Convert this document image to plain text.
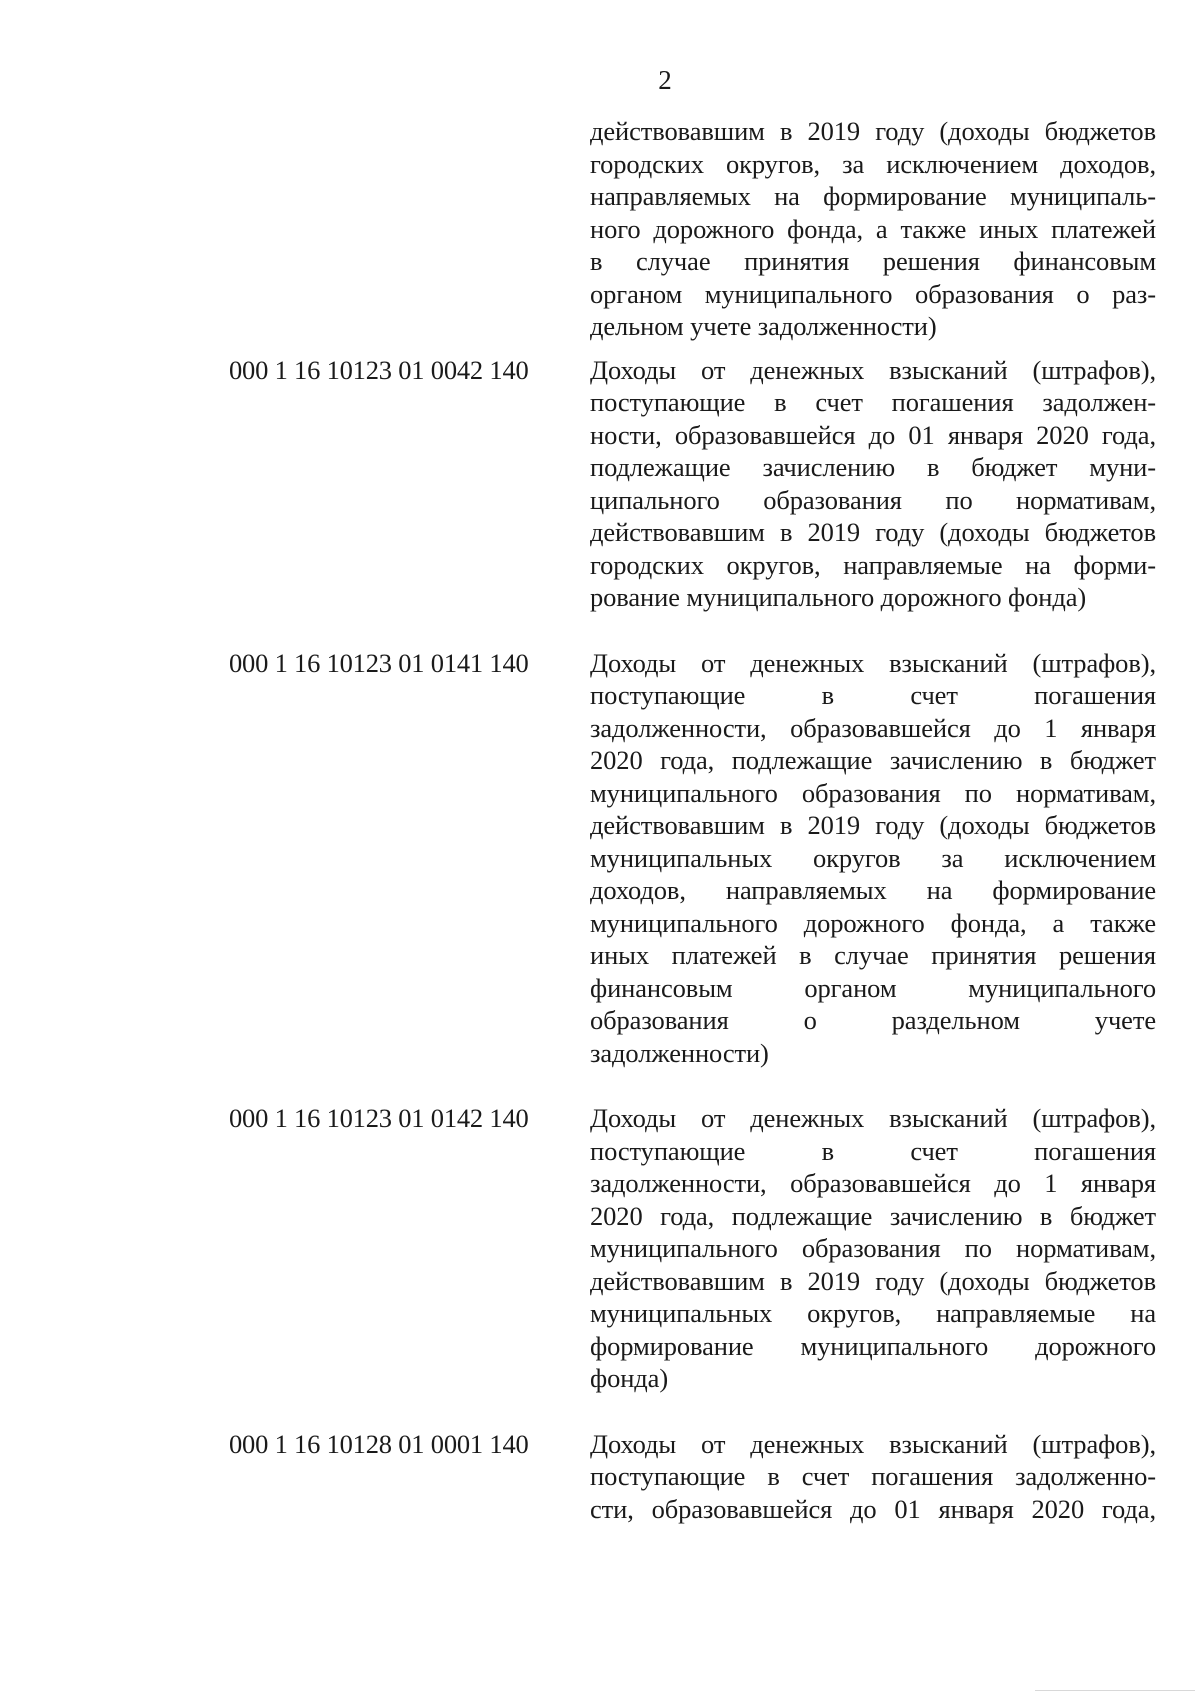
2
действовавшим в 2019 году (доходы бюджетов
городских округов, за исключением доходов,
направляемых на формирование муниципаль-
ного дорожного фонда, а также иных платежей
в случае принятия решения финансовым
органом муниципального образования о раз-
дельном учете задолженности)
000 1 16 10123 01 0042 140	Доходы от денежных взысканий (штрафов),
поступающие в счет погашения задолжен-
ности, образовавшейся до 01 января 2020 года,
подлежащие зачислению в бюджет муни-
ципального образования по нормативам,
действовавшим в 2019 году (доходы бюджетов
городских округов, направляемые на форми-
рование муниципального дорожного фонда)
000 1 16 10123 01 0141 140	Доходы от денежных взысканий (штрафов),
поступающие в счет погашения
задолженности, образовавшейся до 1 января
2020 года, подлежащие зачислению в бюджет
муниципального образования по нормативам,
действовавшим в 2019 году (доходы бюджетов
муниципальных округов за исключением
доходов, направляемых на формирование
муниципального дорожного фонда, а также
иных платежей в случае принятия решения
финансовым органом муниципального
образования о раздельном учете
задолженности)
000 1 16 10123 01 0142 140	Доходы от денежных взысканий (штрафов),
поступающие в счет погашения
задолженности, образовавшейся до 1 января
2020 года, подлежащие зачислению в бюджет
муниципального образования по нормативам,
действовавшим в 2019 году (доходы бюджетов
муниципальных округов, направляемые на
формирование муниципального дорожного
фонда)
000 1 16 10128 01 0001 140	Доходы от денежных взысканий (штрафов),
поступающие в счет погашения задолженно-
сти, образовавшейся до 01 января 2020 года,
